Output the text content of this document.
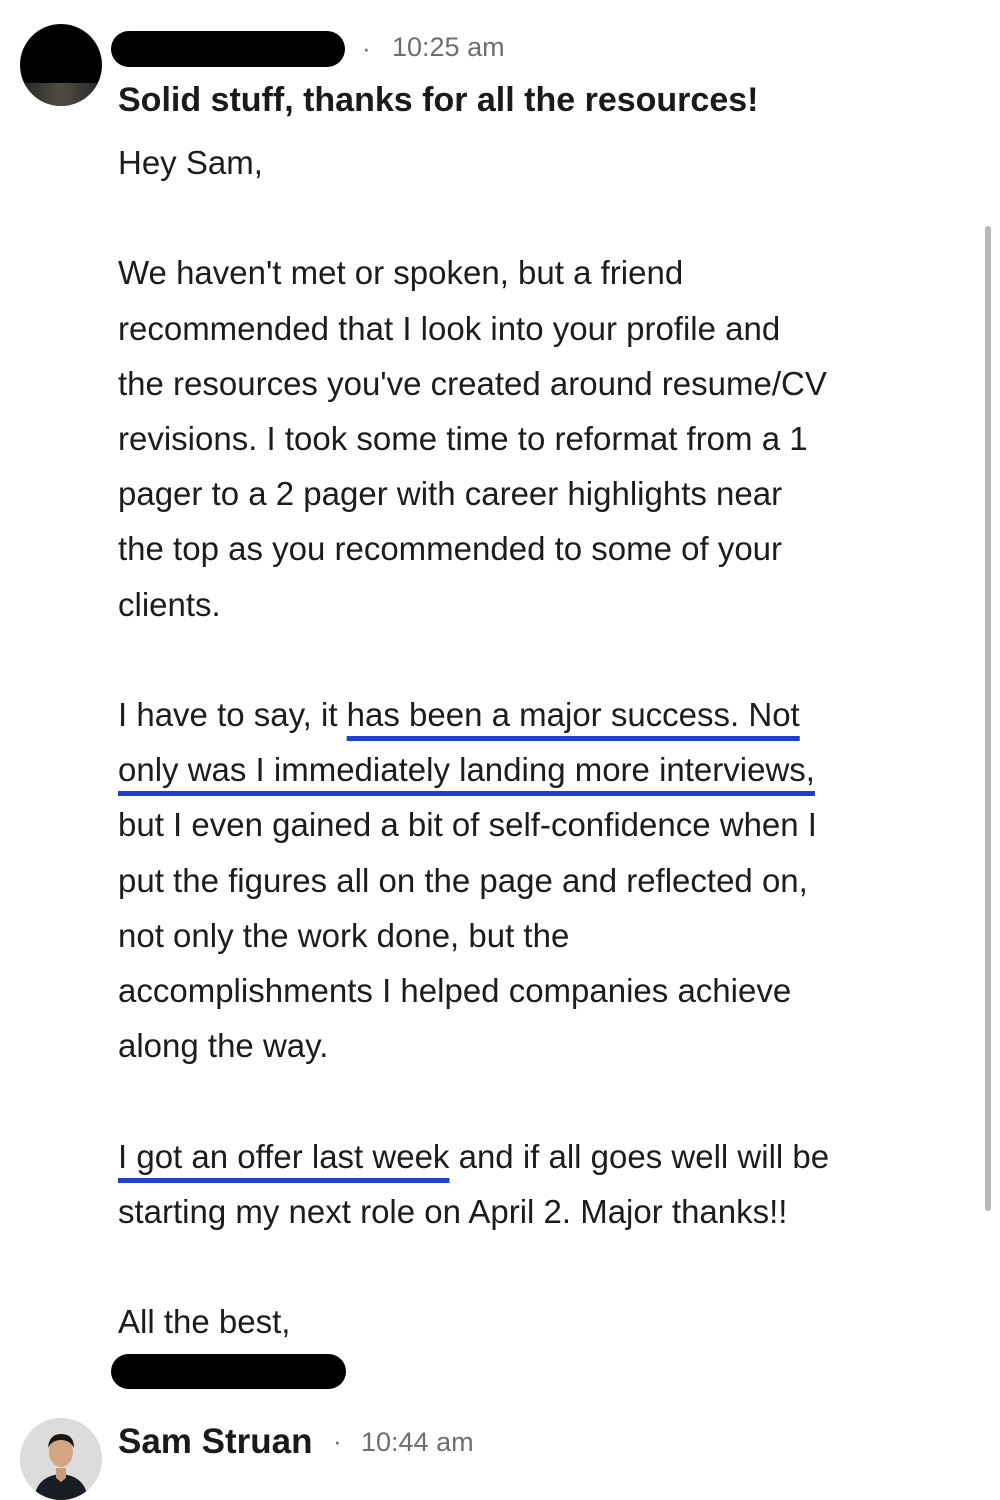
· 10:25 am
Solid stuff, thanks for all the resources!

Hey Sam,

We haven't met or spoken, but a friend
recommended that I look into your profile and
the resources you've created around resume/CV
revisions. I took some time to reformat from a 1
pager to a 2 pager with career highlights near
the top as you recommended to some of your
clients.

I have to say, it has been a major success. Not
only was I immediately landing more interviews,
but I even gained a bit of self-confidence when I
put the figures all on the page and reflected on,
not only the work done, but the
accomplishments I helped companies achieve
along the way.

I got an offer last week and if all goes well will be
starting my next role on April 2. Major thanks!!

All the best,

Sam Struan · 10:44 am
